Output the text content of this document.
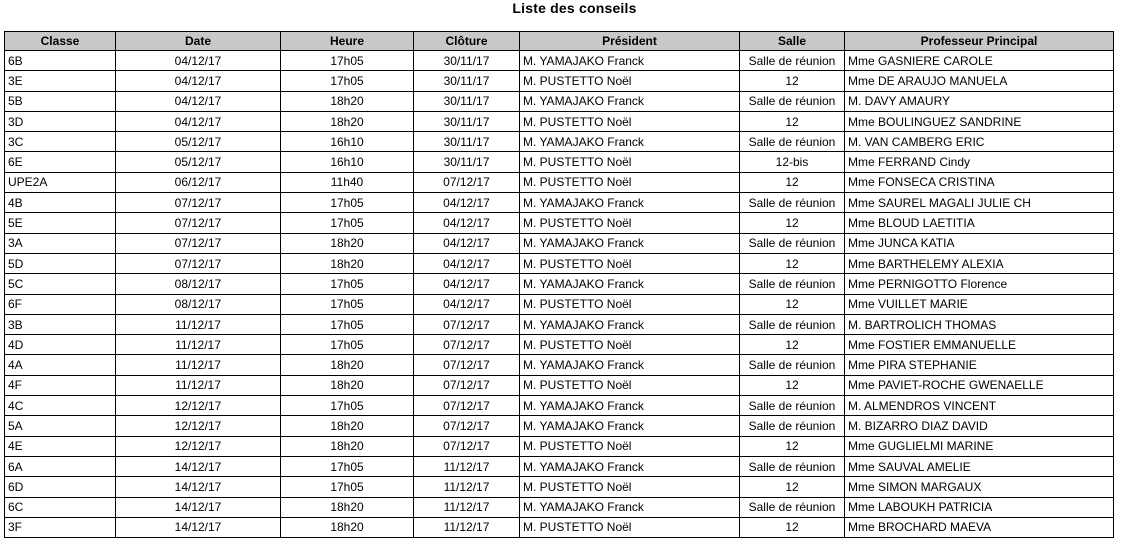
Liste des conseils
Classe	Date	Heure	Clôture	Président	Salle	Professeur Principal
6B	04/12/17	17h05	30/11/17	M. YAMAJAKO Franck	Salle de réunion	Mme GASNIERE CAROLE
3E	04/12/17	17h05	30/11/17	M. PUSTETTO Noël	12	Mme DE ARAUJO MANUELA
5B	04/12/17	18h20	30/11/17	M. YAMAJAKO Franck	Salle de réunion	M. DAVY AMAURY
3D	04/12/17	18h20	30/11/17	M. PUSTETTO Noël	12	Mme BOULINGUEZ SANDRINE
3C	05/12/17	16h10	30/11/17	M. YAMAJAKO Franck	Salle de réunion	M. VAN CAMBERG ERIC
6E	05/12/17	16h10	30/11/17	M. PUSTETTO Noël	12-bis	Mme FERRAND Cindy
UPE2A	06/12/17	11h40	07/12/17	M. PUSTETTO Noël	12	Mme FONSECA CRISTINA
4B	07/12/17	17h05	04/12/17	M. YAMAJAKO Franck	Salle de réunion	Mme SAUREL MAGALI JULIE CH
5E	07/12/17	17h05	04/12/17	M. PUSTETTO Noël	12	Mme BLOUD LAETITIA
3A	07/12/17	18h20	04/12/17	M. YAMAJAKO Franck	Salle de réunion	Mme JUNCA KATIA
5D	07/12/17	18h20	04/12/17	M. PUSTETTO Noël	12	Mme BARTHELEMY ALEXIA
5C	08/12/17	17h05	04/12/17	M. YAMAJAKO Franck	Salle de réunion	Mme PERNIGOTTO Florence
6F	08/12/17	17h05	04/12/17	M. PUSTETTO Noël	12	Mme VUILLET MARIE
3B	11/12/17	17h05	07/12/17	M. YAMAJAKO Franck	Salle de réunion	M. BARTROLICH THOMAS
4D	11/12/17	17h05	07/12/17	M. PUSTETTO Noël	12	Mme FOSTIER EMMANUELLE
4A	11/12/17	18h20	07/12/17	M. YAMAJAKO Franck	Salle de réunion	Mme PIRA STEPHANIE
4F	11/12/17	18h20	07/12/17	M. PUSTETTO Noël	12	Mme PAVIET-ROCHE GWENAELLE
4C	12/12/17	17h05	07/12/17	M. YAMAJAKO Franck	Salle de réunion	M. ALMENDROS VINCENT
5A	12/12/17	18h20	07/12/17	M. YAMAJAKO Franck	Salle de réunion	M. BIZARRO DIAZ DAVID
4E	12/12/17	18h20	07/12/17	M. PUSTETTO Noël	12	Mme GUGLIELMI MARINE
6A	14/12/17	17h05	11/12/17	M. YAMAJAKO Franck	Salle de réunion	Mme SAUVAL AMELIE
6D	14/12/17	17h05	11/12/17	M. PUSTETTO Noël	12	Mme SIMON MARGAUX
6C	14/12/17	18h20	11/12/17	M. YAMAJAKO Franck	Salle de réunion	Mme LABOUKH PATRICIA
3F	14/12/17	18h20	11/12/17	M. PUSTETTO Noël	12	Mme BROCHARD MAEVA
